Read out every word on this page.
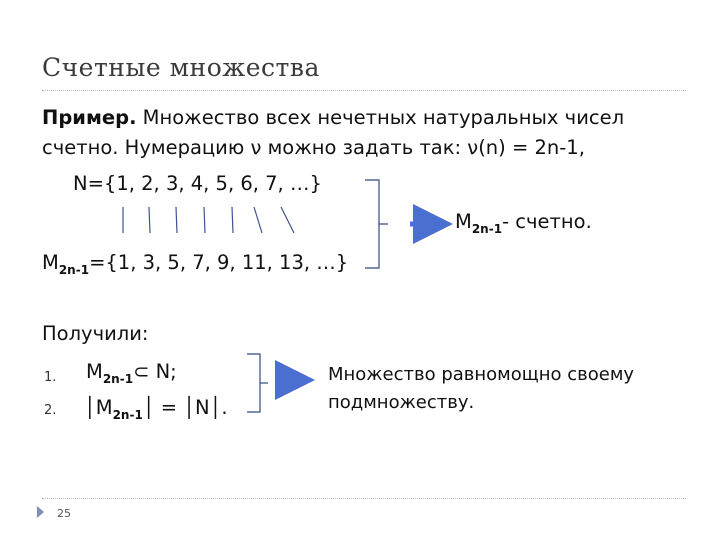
Счетные множества
Пример. Множество всех нечетных натуральных чисел
счетно. Нумерацию ν можно задать так: ν(n) = 2n-1,
N={1, 2, 3, 4, 5, 6, 7, …}
$M_{2n-1}=\{1$, 3, 5, 7, 9, 11, 13, …}
$M_{2n-1}-$ счетно.
Получили:
1. $M_{2n-1}\subset$ N;
2. $│M_{2n-1}│$ = │N│.
Множество равномощно своему
подмножеству.
25
